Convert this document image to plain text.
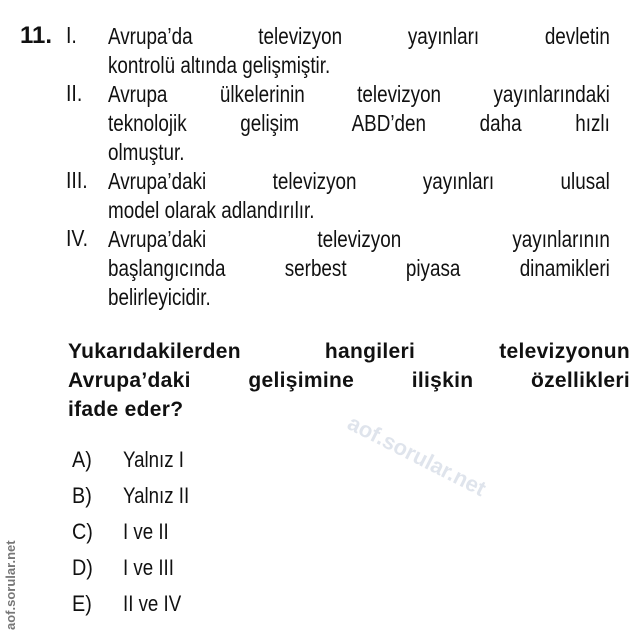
11. I. Avrupa’da televizyon yayınları devletin
kontrolü altında gelişmiştir.
II. Avrupa ülkelerinin televizyon yayınlarındaki
teknolojik gelişim ABD’den daha hızlı
olmuştur.
III. Avrupa’daki televizyon yayınları ulusal
model olarak adlandırılır.
IV. Avrupa’daki televizyon yayınlarının
başlangıcında serbest piyasa dinamikleri
belirleyicidir.
Yukarıdakilerden hangileri televizyonun
Avrupa’daki gelişimine ilişkin özellikleri
ifade eder?
aof.sorular.net
A) Yalnız I
B) Yalnız II
C) I ve II
D) I ve III
E) II ve IV
aof.sorular.net
